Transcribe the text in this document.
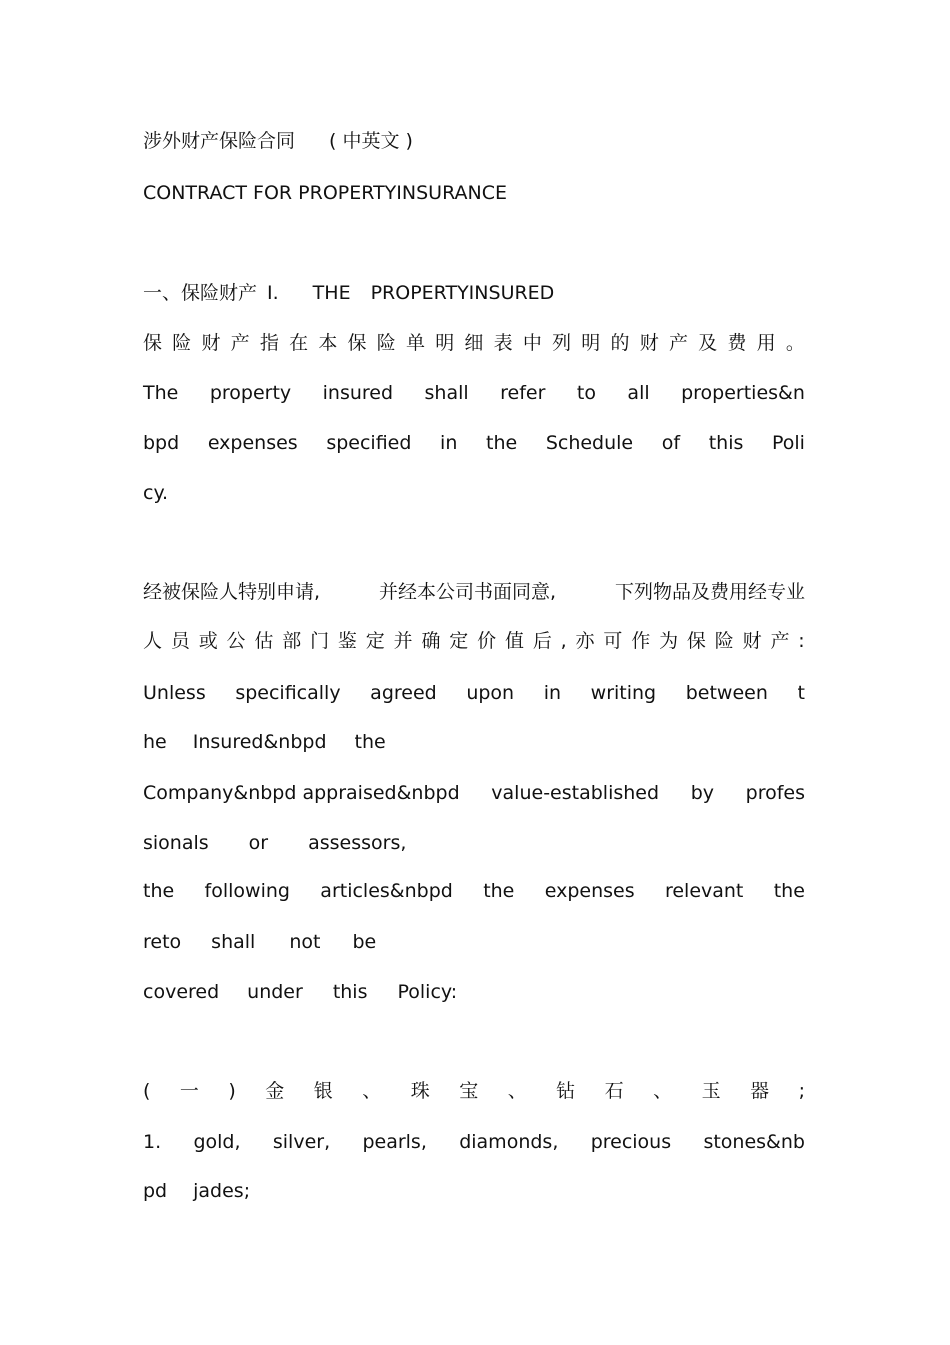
涉外财产保险合同 ( 中英文 )
CONTRACT FOR PROPERTYINSURANCE
一、保险财产 I. THE PROPERTYINSURED
保 险 财 产 指 在 本 保 险 单 明 细 表 中 列 明 的 财 产 及 费 用 。
The property insured shall refer to all properties&n
bpd expenses specified in the Schedule of this Poli
cy.
经被保险人特别申请,	并经本公司书面同意,	下列物品及费用经专业
人 员 或 公 估 部 门 鉴 定 并 确 定 价 值 后 , 亦 可 作 为 保 险 财 产 :
Unless specifically agreed upon in writing between t
he Insured&nbpd the
Company&nbpd appraised&nbpd value-established by profes
sionals or assessors,
the following articles&nbpd the expenses relevant the
reto shall not be
covered under this Policy:
( 一 ) 金 银 、 珠 宝 、 钻 石 、 玉 器 ;
1. gold, silver, pearls, diamonds, precious stones&nb
pd jades;
